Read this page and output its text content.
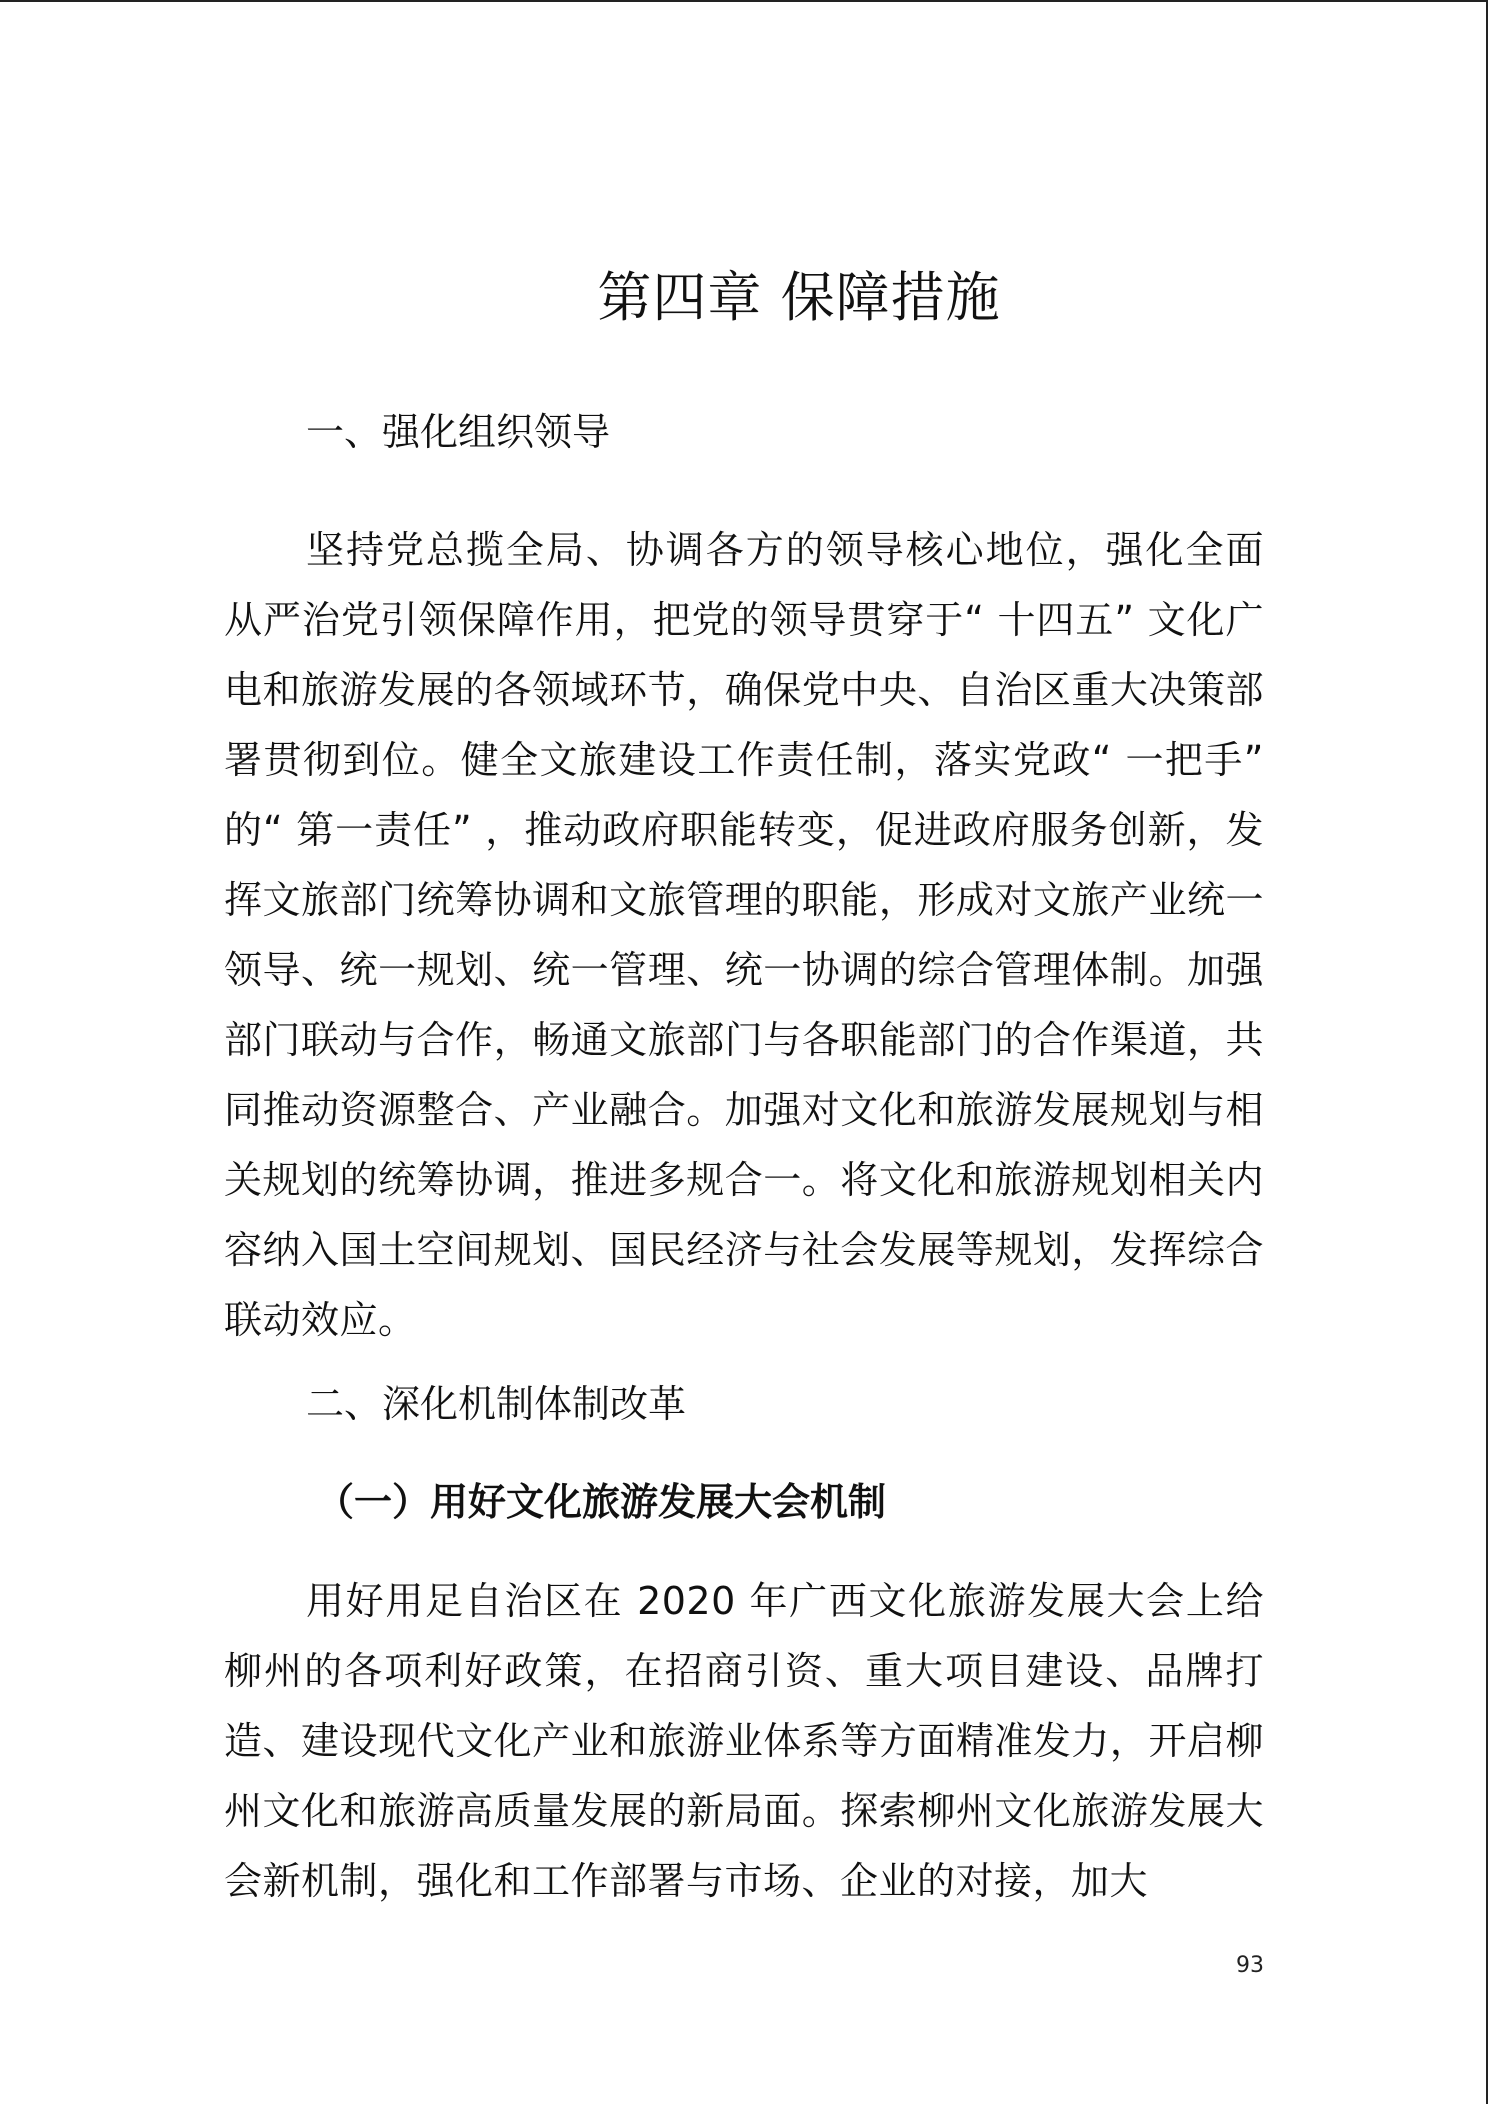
第四章 保障措施
一、强化组织领导

坚持党总揽全局、协调各方的领导核心地位，强化全面从严治党引领保障作用，把党的领导贯穿于“ 十四五” 文化广电和旅游发展的各领域环节，确保党中央、自治区重大决策部署贯彻到位。健全文旅建设工作责任制，落实党政“ 一把手” 的“ 第一责任” ，推动政府职能转变，促进政府服务创新，发挥文旅部门统筹协调和文旅管理的职能，形成对文旅产业统一领导、统一规划、统一管理、统一协调的综合管理体制。加强部门联动与合作，畅通文旅部门与各职能部门的合作渠道，共同推动资源整合、产业融合。加强对文化和旅游发展规划与相关规划的统筹协调，推进多规合一。将文化和旅游规划相关内容纳入国土空间规划、国民经济与社会发展等规划，发挥综合联动效应。

二、深化机制体制改革
（一）用好文化旅游发展大会机制

用好用足自治区在 2020 年广西文化旅游发展大会上给柳州的各项利好政策，在招商引资、重大项目建设、品牌打造、建设现代文化产业和旅游业体系等方面精准发力，开启柳州文化和旅游高质量发展的新局面。探索柳州文化旅游发展大会新机制，强化和工作部署与市场、企业的对接，加大

93
